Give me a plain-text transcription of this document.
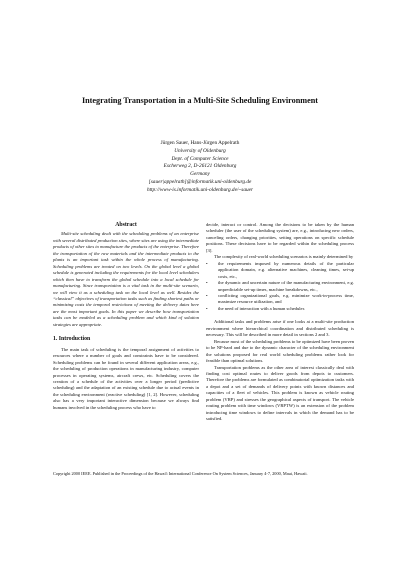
Integrating Transportation in a Multi-Site Scheduling Environment
Jürgen Sauer, Hans-Jürgen Appelrath
University of Oldenburg
Dept. of Computer Science
Escherweg 2, D-26121 Oldenburg
Germany
[sauer|appelrath]@informatik.uni-oldenburg.de
http://www-is.informatik.uni-oldenburg.de/~sauer
Abstract

Multi-site scheduling dealt with the scheduling problems of an enterprise with several distributed production sites, where sites are using the intermediate products of other sites to manufacture the products of the enterprise. Therefore the transportation of the raw materials and the intermediate products to the plants is an important task within the whole process of manufacturing. Scheduling problems are treated on two levels. On the global level a global schedule is generated including the requirements for the local level schedulers which then have to transform the global schedule into a local schedule for manufacturing. Since transportation is a vital task in the multi-site scenario, we will view it as a scheduling task on the local level as well. Besides the “classical” objectives of transportation tasks such as finding shortest paths or minimizing costs the temporal restrictions of meeting the delivery dates here are the most important goals. In this paper we describe how transportation tasks can be modeled as a scheduling problem and which kind of solution strategies are appropriate.

1. Introduction

The main task of scheduling is the temporal assignment of activities to resources where a number of goals and constraints have to be considered. Scheduling problems can be found in several different application areas, e.g., the scheduling of production operations in manufacturing industry, computer processes in operating systems, aircraft crews, etc. Scheduling covers the creation of a schedule of the activities over a longer period (predictive scheduling) and the adaptation of an existing schedule due to actual events in the scheduling environment (reactive scheduling) [1, 2]. However, scheduling also has a very important interactive dimension because we always find humans involved in the scheduling process who have to

decide, interact or control. Among the decisions to be taken by the human scheduler (the user of the scheduling system) are, e.g., introducing new orders, canceling orders, changing priorities, setting operations on specific schedule positions. These decisions have to be regarded within the scheduling process [3].

The complexity of real-world scheduling scenarios is mainly determined by

• the requirements imposed by numerous details of the particular application domain, e.g. alternative machines, cleaning times, set-up costs, etc.,
• the dynamic and uncertain nature of the manufacturing environment, e.g. unpredictable set-up times, machine breakdowns, etc.,
• conflicting organizational goals, e.g. minimize work-in-process time, maximize resource utilization, and
• the need of interaction with a human scheduler.

Additional tasks and problems arise if one looks at a multi-site production environment where hierarchical coordination and distributed scheduling is necessary. This will be described in more detail in sections 2 and 3.

Because most of the scheduling problems to be optimized have been proven to be NP-hard and due to the dynamic character of the scheduling environment the solutions proposed for real world scheduling problems rather look for feasible than optimal solutions.

Transportation problems as the other area of interest classically deal with finding cost optimal routes to deliver goods from depots to customers. Therefore the problems are formulated as combinatorial optimization tasks with a depot and a set of demands of delivery points with known distances and capacities of a fleet of vehicles. This problem is known as vehicle routing problem (VRP) and stresses the geographical aspects of transport. The vehicle routing problem with time windows (VRPTW) is an extension of the problem introducing time windows to define intervals in which the demand has to be satisfied.

Copyright 2000 IEEE. Published in the Proceedings of the Hawai'i International Conference On System Sciences, January 4-7, 2000, Maui, Hawaii.
